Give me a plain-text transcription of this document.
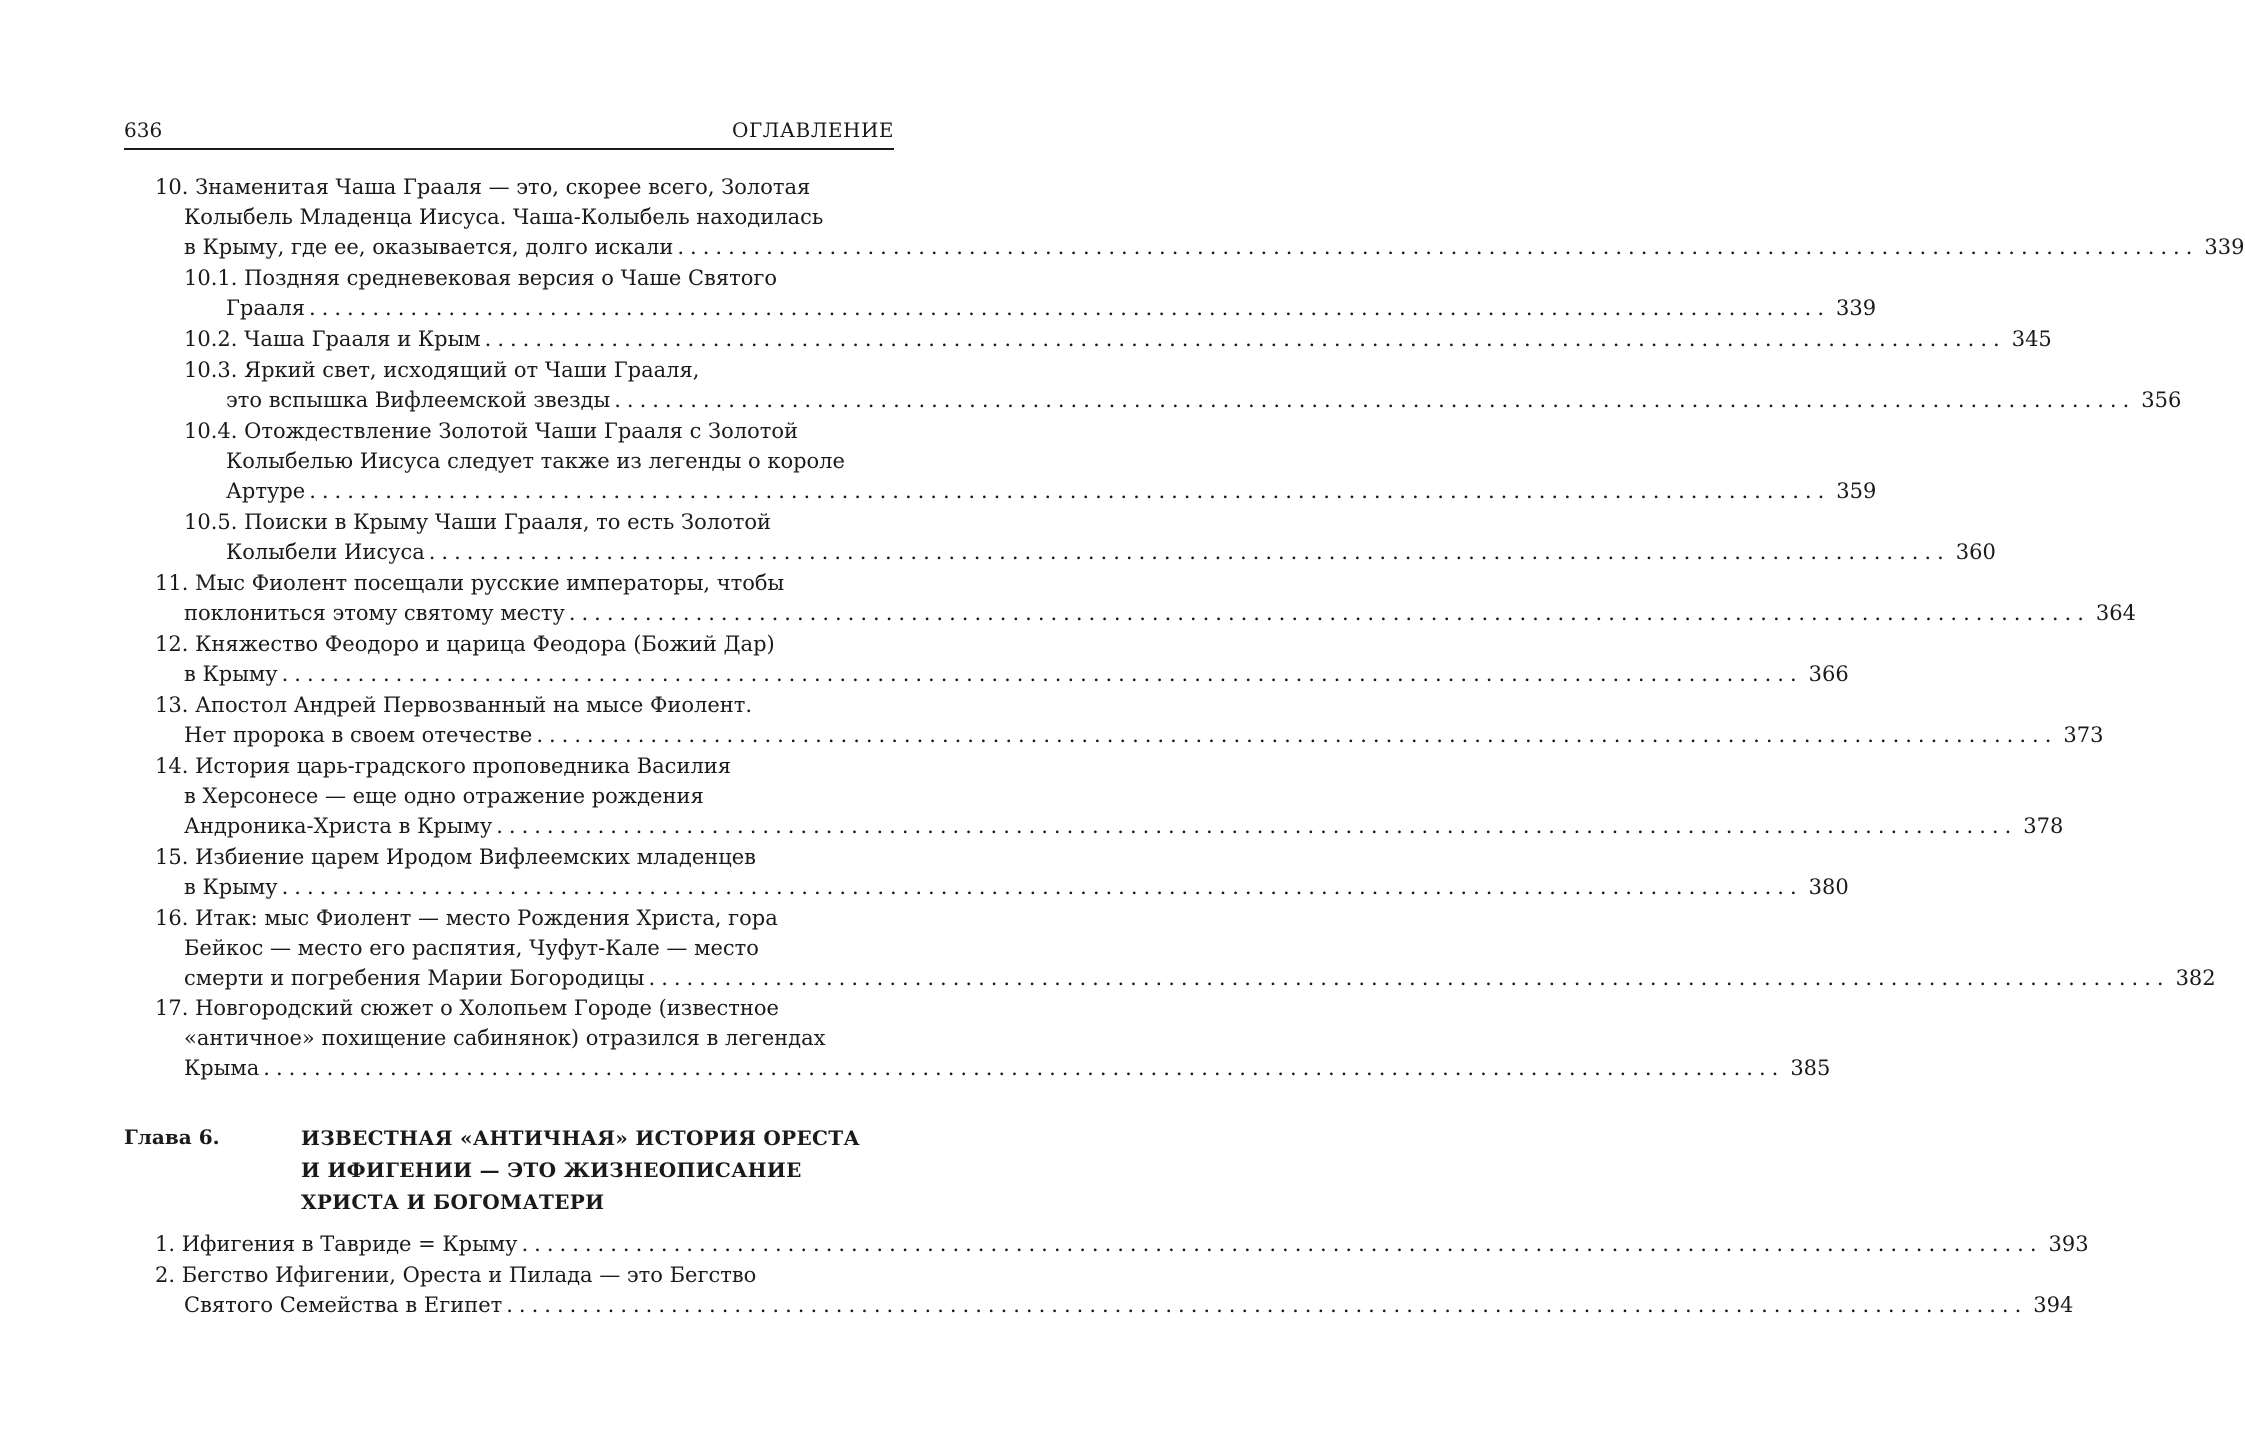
636	ОГЛАВЛЕНИЕ
10. Знаменитая Чаша Грааля — это, скорее всего, Золотая
Колыбель Младенца Иисуса. Чаша-Колыбель находилась
в Крыму, где ее, оказывается, долго искали ........................................................................................................................ 339
10.1. Поздняя средневековая версия о Чаше Святого
Грааля ........................................................................................................................ 339
10.2. Чаша Грааля и Крым ........................................................................................................................ 345
10.3. Яркий свет, исходящий от Чаши Грааля,
это вспышка Вифлеемской звезды ........................................................................................................................ 356
10.4. Отождествление Золотой Чаши Грааля с Золотой
Колыбелью Иисуса следует также из легенды о короле
Артуре ........................................................................................................................ 359
10.5. Поиски в Крыму Чаши Грааля, то есть Золотой
Колыбели Иисуса ........................................................................................................................ 360
11. Мыс Фиолент посещали русские императоры, чтобы
поклониться этому святому месту ........................................................................................................................ 364
12. Княжество Феодоро и царица Феодора (Божий Дар)
в Крыму ........................................................................................................................ 366
13. Апостол Андрей Первозванный на мысе Фиолент.
Нет пророка в своем отечестве ........................................................................................................................ 373
14. История царь-градского проповедника Василия
в Херсонесе — еще одно отражение рождения
Андроника-Христа в Крыму ........................................................................................................................ 378
15. Избиение царем Иродом Вифлеемских младенцев
в Крыму ........................................................................................................................ 380
16. Итак: мыс Фиолент — место Рождения Христа, гора
Бейкос — место его распятия, Чуфут-Кале — место
смерти и погребения Марии Богородицы ........................................................................................................................ 382
17. Новгородский сюжет о Холопьем Городе (известное
«античное» похищение сабинянок) отразился в легендах
Крыма ........................................................................................................................ 385
1. Ифигения в Тавриде = Крыму ........................................................................................................................ 393
2. Бегство Ифигении, Ореста и Пилада — это Бегство
Святого Семейства в Египет ........................................................................................................................ 394
Глава 6.	ИЗВЕСТНАЯ «АНТИЧНАЯ» ИСТОРИЯ ОРЕСТА
И ИФИГЕНИИ — ЭТО ЖИЗНЕОПИСАНИЕ
ХРИСТА И БОГОМАТЕРИ
